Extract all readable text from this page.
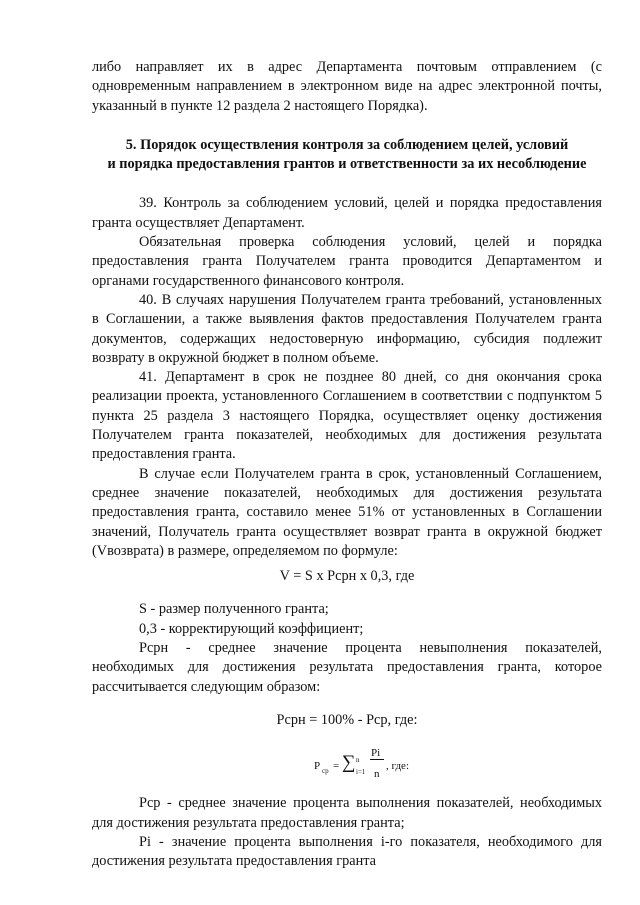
либо направляет их в адрес Департамента почтовым отправлением (с одновременным направлением в электронном виде на адрес электронной почты, указанный в пункте 12 раздела 2 настоящего Порядка).

5. Порядок осуществления контроля за соблюдением целей, условий
и порядка предоставления грантов и ответственности за их несоблюдение

39. Контроль за соблюдением условий, целей и порядка предоставления гранта осуществляет Департамент.

Обязательная проверка соблюдения условий, целей и порядка предоставления гранта Получателем гранта проводится Департаментом и органами государственного финансового контроля.

40. В случаях нарушения Получателем гранта требований, установленных в Соглашении, а также выявления фактов предоставления Получателем гранта документов, содержащих недостоверную информацию, субсидия подлежит возврату в окружной бюджет в полном объеме.

41. Департамент в срок не позднее 80 дней, со дня окончания срока реализации проекта, установленного Соглашением в соответствии с подпунктом 5 пункта 25 раздела 3 настоящего Порядка, осуществляет оценку достижения Получателем гранта показателей, необходимых для достижения результата предоставления гранта.

В случае если Получателем гранта в срок, установленный Соглашением, среднее значение показателей, необходимых для достижения результата предоставления гранта, составило менее 51% от установленных в Соглашении значений, Получатель гранта осуществляет возврат гранта в окружной бюджет (Vвозврата) в размере, определяемом по формуле:

V = S x Рсрн x 0,3, где

S - размер полученного гранта;

0,3 - корректирующий коэффициент;

Рсрн - среднее значение процента невыполнения показателей, необходимых для достижения результата предоставления гранта, которое рассчитывается следующим образом:

Рсрн = 100% - Рср, где:

P ср = ∑ n
i=1
Pi
n
, где:

Рср - среднее значение процента выполнения показателей, необходимых для достижения результата предоставления гранта;

Pi - значение процента выполнения i-го показателя, необходимого для достижения результата предоставления гранта
